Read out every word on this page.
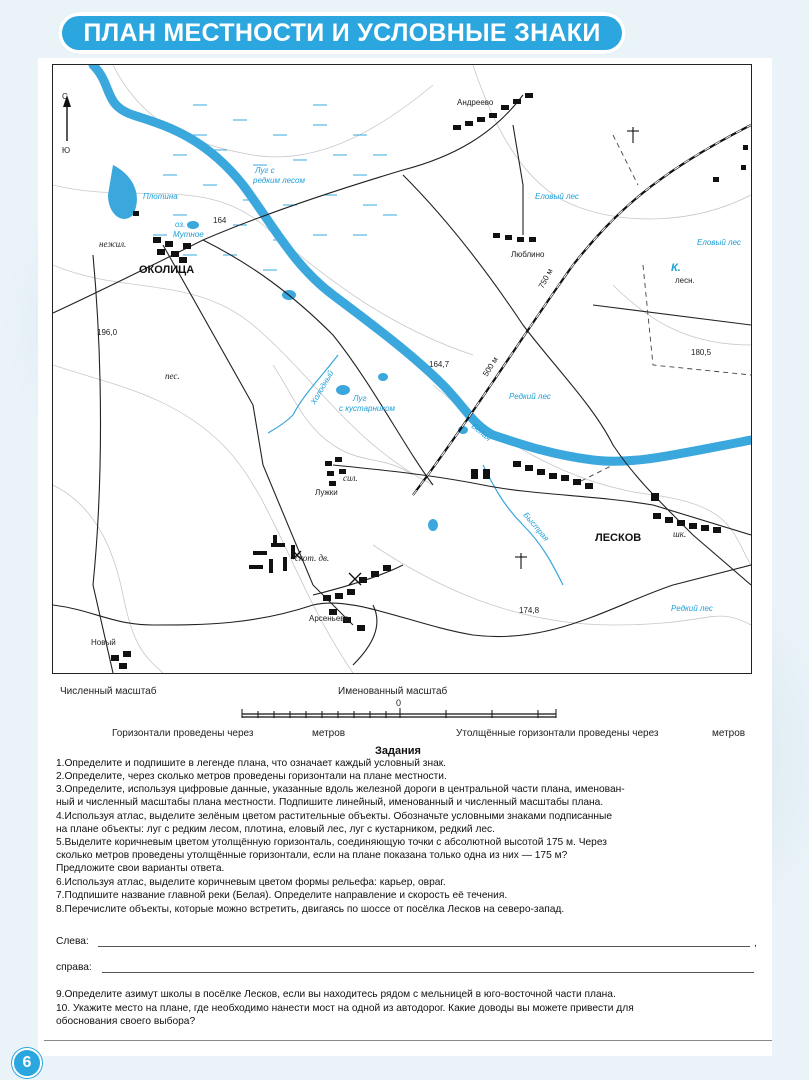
ПЛАН МЕСТНОСТИ И УСЛОВНЫЕ ЗНАКИ
С
Ю
Андреево
Люблино
ОКОЛИЦА
нежил.
оз.
Мутное
164
Плотина
Луг с
редким лесом
Еловый лес
Еловый лес
К.
лесн.
750 м
500 м
196,0
164,7
180,5
пес.	Холодный Луг
с кустарником
Редкий лес
Редкий лес
Белая
Быстрая
Лужки
сил.
ЛЕСКОВ	шк.
скот. дв.
Арсеньево
174,8
Новый
Численный масштаб	Именованный масштаб
0
Горизонтали проведены через	метров	Утолщённые горизонтали проведены через	метров
Задания
1.Определите и подпишите в легенде плана, что означает каждый условный знак.
2.Определите, через сколько метров проведены горизонтали на плане местности.
3.Определите, используя цифровые данные, указанные вдоль железной дороги в центральной части плана, именован-
ный и численный масштабы плана местности. Подпишите линейный, именованный и численный масштабы плана.
4.Используя атлас, выделите зелёным цветом растительные объекты. Обозначьте условными знаками подписанные
на плане объекты: луг с редким лесом, плотина, еловый лес, луг с кустарником, редкий лес.
5.Выделите коричневым цветом утолщённую горизонталь, соединяющую точки с абсолютной высотой 175 м. Через
сколько метров проведены утолщённые горизонтали, если на плане показана только одна из них — 175 м?
Предложите свои варианты ответа.
6.Используя атлас, выделите коричневым цветом формы рельефа: карьер, овраг.
7.Подпишите название главной реки (Белая). Определите направление и скорость её течения.
8.Перечислите объекты, которые можно встретить, двигаясь по шоссе от посёлка Лесков на северо-запад.
Слева:	,
справа:
9.Определите азимут школы в посёлке Лесков, если вы находитесь рядом с мельницей в юго-восточной части плана.
10. Укажите место на плане, где необходимо нанести мост на одной из автодорог. Какие доводы вы можете привести для
обоснования своего выбора?
6
